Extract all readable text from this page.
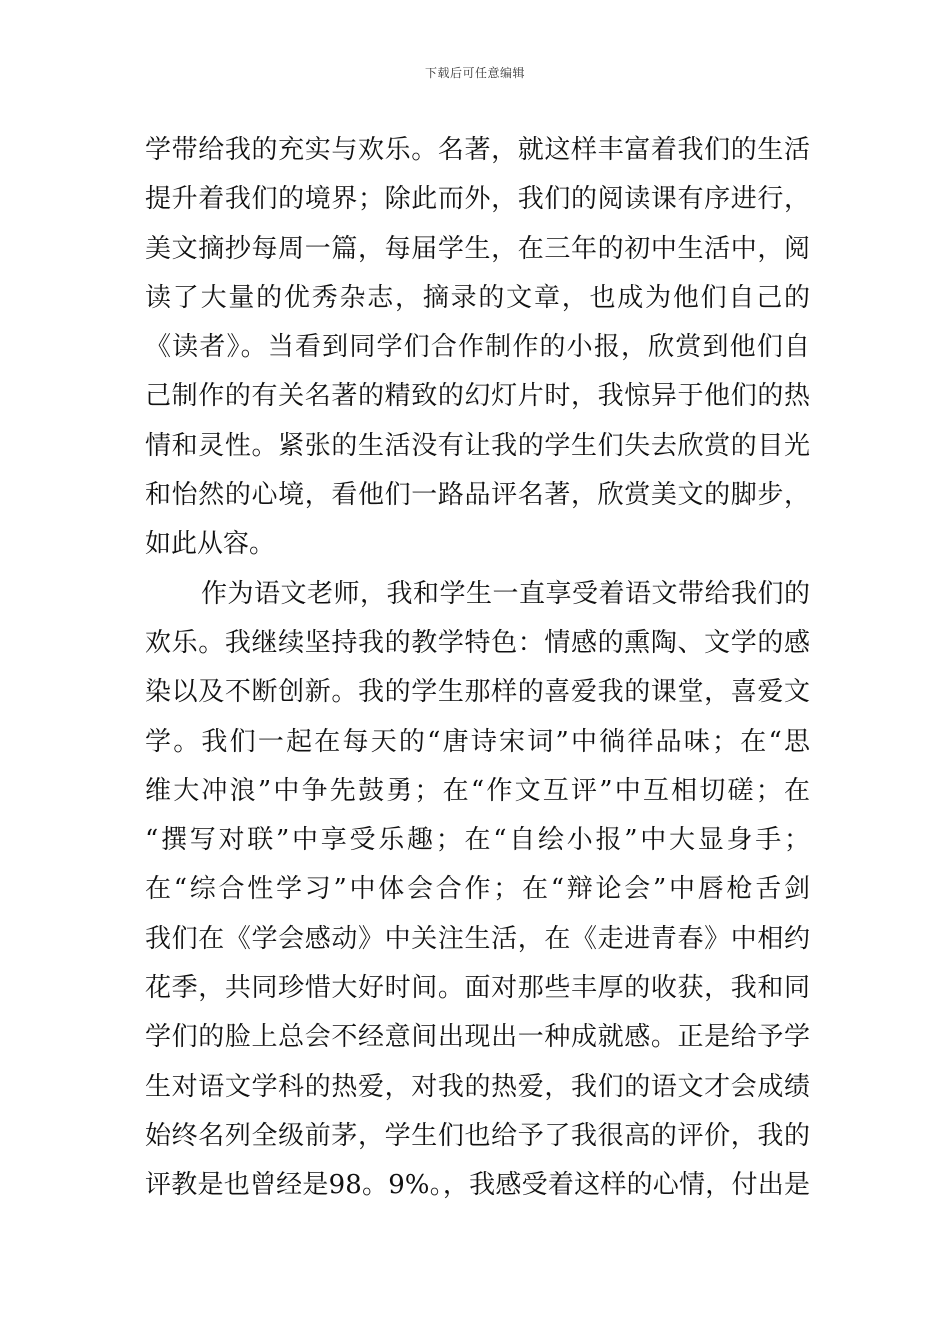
下载后可任意编辑
学带给我的充实与欢乐。名著，就这样丰富着我们的生活
提升着我们的境界；除此而外，我们的阅读课有序进行，
美文摘抄每周一篇，每届学生，在三年的初中生活中，阅
读了大量的优秀杂志，摘录的文章，也成为他们自己的
《读者》。当看到同学们合作制作的小报，欣赏到他们自
己制作的有关名著的精致的幻灯片时，我惊异于他们的热
情和灵性。紧张的生活没有让我的学生们失去欣赏的目光
和怡然的心境，看他们一路品评名著，欣赏美文的脚步，
如此从容。
作为语文老师，我和学生一直享受着语文带给我们的
欢乐。我继续坚持我的教学特色：情感的熏陶、文学的感
染以及不断创新。我的学生那样的喜爱我的课堂，喜爱文
学。我们一起在每天的“唐诗宋词”中徜徉品味；在“思
维大冲浪”中争先鼓勇；在“作文互评”中互相切磋；在
“撰写对联”中享受乐趣；在“自绘小报”中大显身手；
在“综合性学习”中体会合作；在“辩论会”中唇枪舌剑
我们在《学会感动》中关注生活，在《走进青春》中相约
花季，共同珍惜大好时间。面对那些丰厚的收获，我和同
学们的脸上总会不经意间出现出一种成就感。正是给予学
生对语文学科的热爱，对我的热爱，我们的语文才会成绩
始终名列全级前茅，学生们也给予了我很高的评价，我的
评教是也曾经是98。9%。，我感受着这样的心情，付出是
